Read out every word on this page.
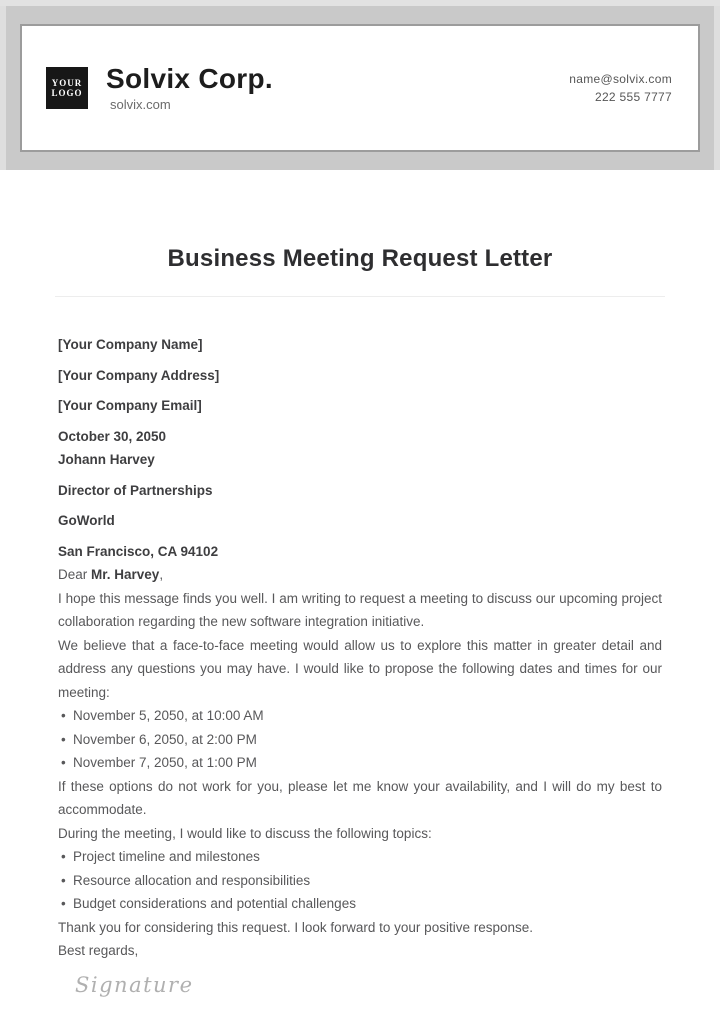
YOUR
LOGO Solvix Corp.
solvix.com
name@solvix.com
222 555 7777
Business Meeting Request Letter

[Your Company Name]

[Your Company Address]

[Your Company Email]

October 30, 2050

Johann Harvey

Director of Partnerships

GoWorld

San Francisco, CA 94102

Dear Mr. Harvey,

I hope this message finds you well. I am writing to request a meeting to discuss our upcoming project collaboration regarding the new software integration initiative.

We believe that a face-to-face meeting would allow us to explore this matter in greater detail and address any questions you may have. I would like to propose the following dates and times for our meeting:

• November 5, 2050, at 10:00 AM
• November 6, 2050, at 2:00 PM
• November 7, 2050, at 1:00 PM

If these options do not work for you, please let me know your availability, and I will do my best to accommodate.

During the meeting, I would like to discuss the following topics:

• Project timeline and milestones
• Resource allocation and responsibilities
• Budget considerations and potential challenges

Thank you for considering this request. I look forward to your positive response.

Best regards,

Signature
